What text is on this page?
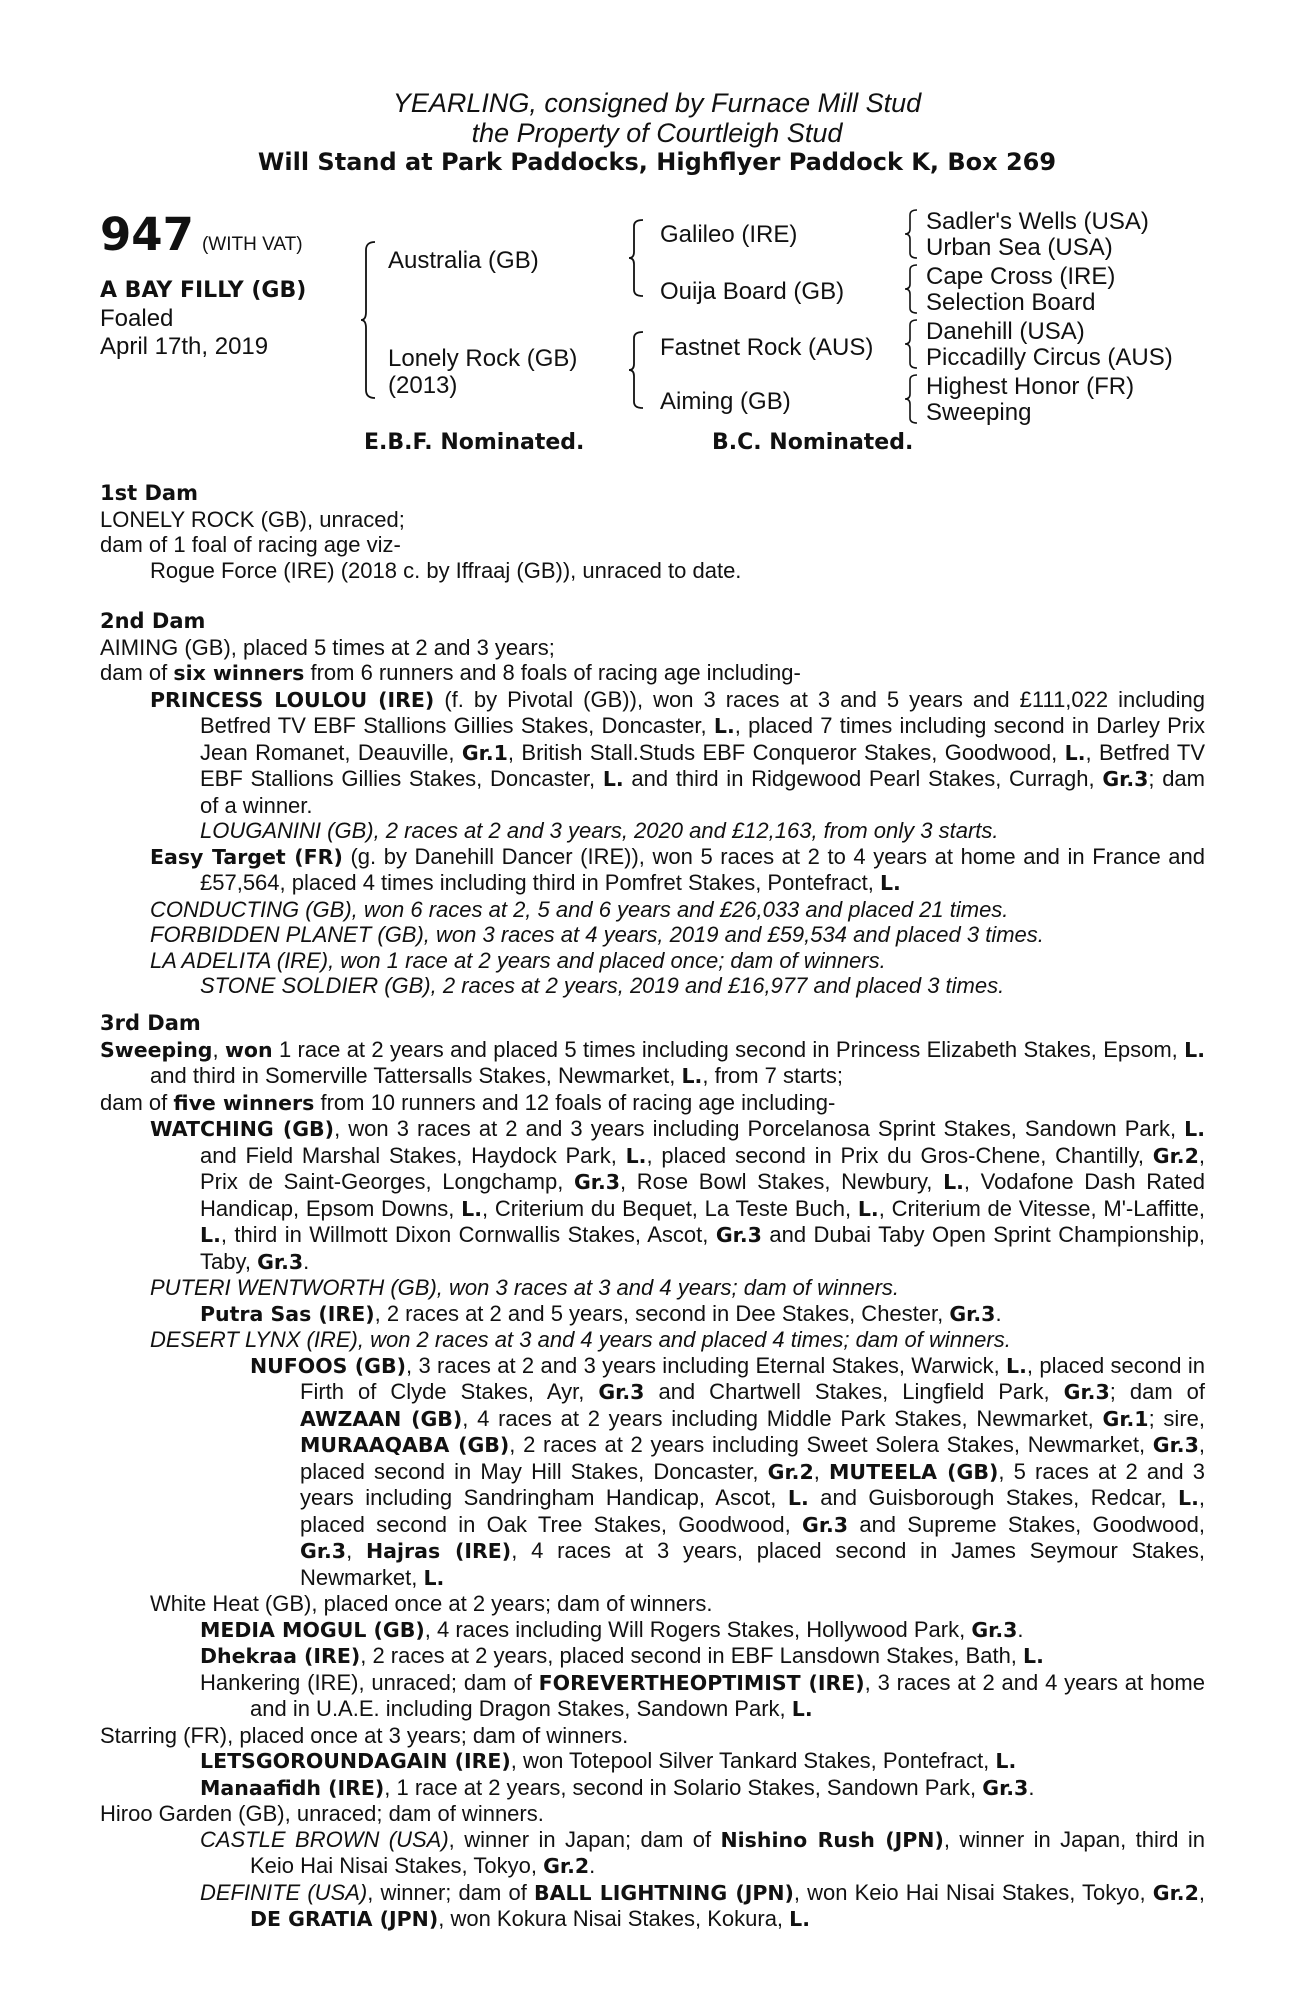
YEARLING, consigned by Furnace Mill Stud
the Property of Courtleigh Stud
Will Stand at Park Paddocks, Highflyer Paddock K, Box 269
947 (WITH VAT)
A BAY FILLY (GB)
Foaled
April 17th, 2019
Australia (GB)
Lonely Rock (GB)
(2013)
Galileo (IRE)
Ouija Board (GB)
Fastnet Rock (AUS)
Aiming (GB)
Sadler's Wells (USA)
Urban Sea (USA)
Cape Cross (IRE)
Selection Board
Danehill (USA)
Piccadilly Circus (AUS)
Highest Honor (FR)
Sweeping
E.B.F. Nominated.	B.C. Nominated.
1st Dam
LONELY ROCK (GB), unraced;
dam of 1 foal of racing age viz-
Rogue Force (IRE) (2018 c. by Iffraaj (GB)), unraced to date.
2nd Dam
AIMING (GB), placed 5 times at 2 and 3 years;
dam of six winners from 6 runners and 8 foals of racing age including-
PRINCESS LOULOU (IRE) (f. by Pivotal (GB)), won 3 races at 3 and 5 years and £111,022 including Betfred TV EBF Stallions Gillies Stakes, Doncaster, L., placed 7 times including second in Darley Prix Jean Romanet, Deauville, Gr.1, British Stall.Studs EBF Conqueror Stakes, Goodwood, L., Betfred TV EBF Stallions Gillies Stakes, Doncaster, L. and third in Ridgewood Pearl Stakes, Curragh, Gr.3; dam of a winner.
LOUGANINI (GB), 2 races at 2 and 3 years, 2020 and £12,163, from only 3 starts.
Easy Target (FR) (g. by Danehill Dancer (IRE)), won 5 races at 2 to 4 years at home and in France and £57,564, placed 4 times including third in Pomfret Stakes, Pontefract, L.
CONDUCTING (GB), won 6 races at 2, 5 and 6 years and £26,033 and placed 21 times.
FORBIDDEN PLANET (GB), won 3 races at 4 years, 2019 and £59,534 and placed 3 times.
LA ADELITA (IRE), won 1 race at 2 years and placed once; dam of winners.
STONE SOLDIER (GB), 2 races at 2 years, 2019 and £16,977 and placed 3 times.
3rd Dam
Sweeping, won 1 race at 2 years and placed 5 times including second in Princess Elizabeth Stakes, Epsom, L. and third in Somerville Tattersalls Stakes, Newmarket, L., from 7 starts;
dam of five winners from 10 runners and 12 foals of racing age including-
WATCHING (GB), won 3 races at 2 and 3 years including Porcelanosa Sprint Stakes, Sandown Park, L. and Field Marshal Stakes, Haydock Park, L., placed second in Prix du Gros-Chene, Chantilly, Gr.2, Prix de Saint-Georges, Longchamp, Gr.3, Rose Bowl Stakes, Newbury, L., Vodafone Dash Rated Handicap, Epsom Downs, L., Criterium du Bequet, La Teste Buch, L., Criterium de Vitesse, M'-Laffitte, L., third in Willmott Dixon Cornwallis Stakes, Ascot, Gr.3 and Dubai Taby Open Sprint Championship, Taby, Gr.3.
PUTERI WENTWORTH (GB), won 3 races at 3 and 4 years; dam of winners.
Putra Sas (IRE), 2 races at 2 and 5 years, second in Dee Stakes, Chester, Gr.3.
DESERT LYNX (IRE), won 2 races at 3 and 4 years and placed 4 times; dam of winners.
NUFOOS (GB), 3 races at 2 and 3 years including Eternal Stakes, Warwick, L., placed second in Firth of Clyde Stakes, Ayr, Gr.3 and Chartwell Stakes, Lingfield Park, Gr.3; dam of AWZAAN (GB), 4 races at 2 years including Middle Park Stakes, Newmarket, Gr.1; sire, MURAAQABA (GB), 2 races at 2 years including Sweet Solera Stakes, Newmarket, Gr.3, placed second in May Hill Stakes, Doncaster, Gr.2, MUTEELA (GB), 5 races at 2 and 3 years including Sandringham Handicap, Ascot, L. and Guisborough Stakes, Redcar, L., placed second in Oak Tree Stakes, Goodwood, Gr.3 and Supreme Stakes, Goodwood, Gr.3, Hajras (IRE), 4 races at 3 years, placed second in James Seymour Stakes, Newmarket, L.
White Heat (GB), placed once at 2 years; dam of winners.
MEDIA MOGUL (GB), 4 races including Will Rogers Stakes, Hollywood Park, Gr.3.
Dhekraa (IRE), 2 races at 2 years, placed second in EBF Lansdown Stakes, Bath, L.
Hankering (IRE), unraced; dam of FOREVERTHEOPTIMIST (IRE), 3 races at 2 and 4 years at home and in U.A.E. including Dragon Stakes, Sandown Park, L.
Starring (FR), placed once at 3 years; dam of winners.
LETSGOROUNDAGAIN (IRE), won Totepool Silver Tankard Stakes, Pontefract, L.
Manaafidh (IRE), 1 race at 2 years, second in Solario Stakes, Sandown Park, Gr.3.
Hiroo Garden (GB), unraced; dam of winners.
CASTLE BROWN (USA), winner in Japan; dam of Nishino Rush (JPN), winner in Japan, third in Keio Hai Nisai Stakes, Tokyo, Gr.2.
DEFINITE (USA), winner; dam of BALL LIGHTNING (JPN), won Keio Hai Nisai Stakes, Tokyo, Gr.2, DE GRATIA (JPN), won Kokura Nisai Stakes, Kokura, L.
